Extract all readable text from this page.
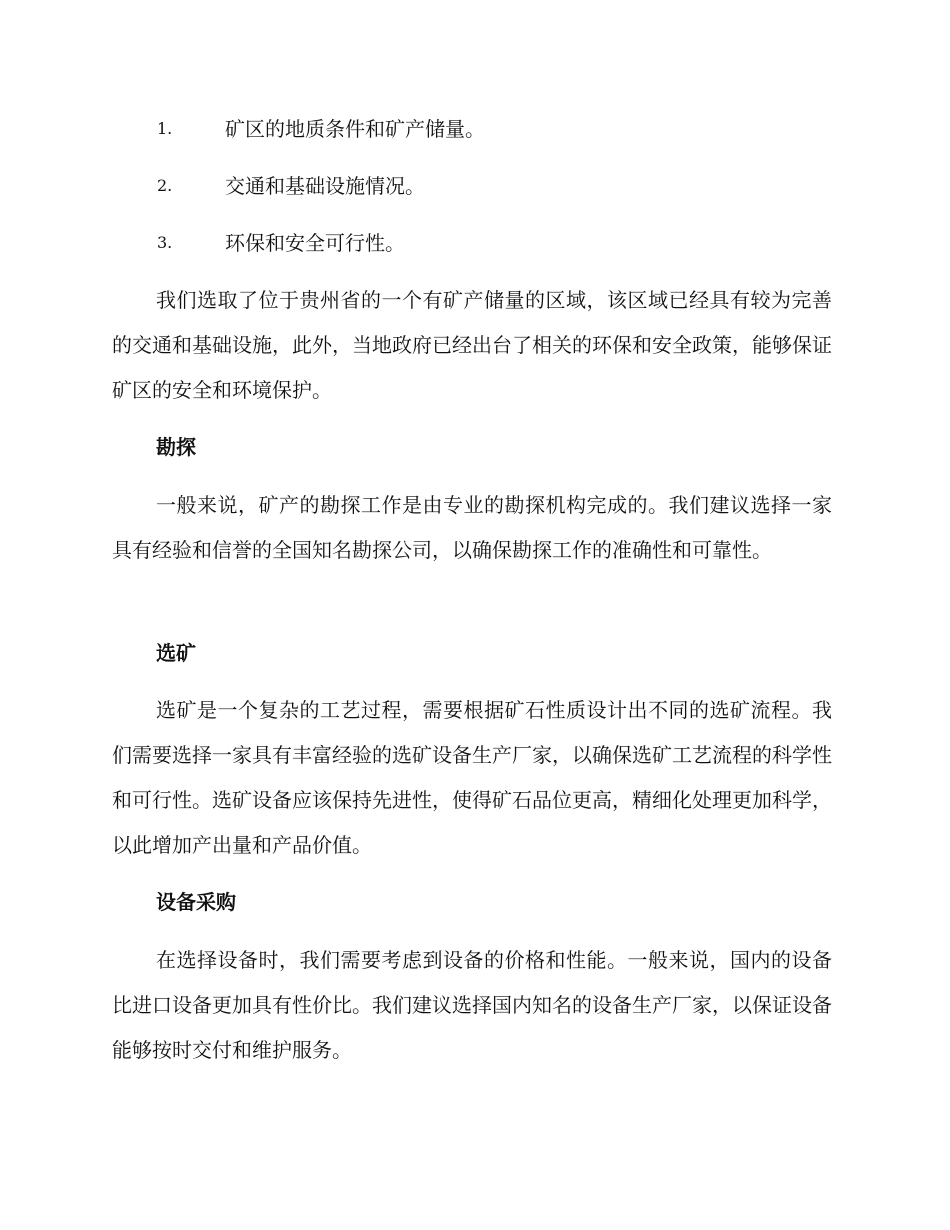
1.	矿区的地质条件和矿产储量。
2.	交通和基础设施情况。
3.	环保和安全可行性。

我们选取了位于贵州省的一个有矿产储量的区域，该区域已经具有较为完善的交通和基础设施，此外，当地政府已经出台了相关的环保和安全政策，能够保证矿区的安全和环境保护。

勘探

一般来说，矿产的勘探工作是由专业的勘探机构完成的。我们建议选择一家具有经验和信誉的全国知名勘探公司，以确保勘探工作的准确性和可靠性。

选矿

选矿是一个复杂的工艺过程，需要根据矿石性质设计出不同的选矿流程。我们需要选择一家具有丰富经验的选矿设备生产厂家，以确保选矿工艺流程的科学性和可行性。选矿设备应该保持先进性，使得矿石品位更高，精细化处理更加科学，以此增加产出量和产品价值。

设备采购

在选择设备时，我们需要考虑到设备的价格和性能。一般来说，国内的设备比进口设备更加具有性价比。我们建议选择国内知名的设备生产厂家，以保证设备能够按时交付和维护服务。
